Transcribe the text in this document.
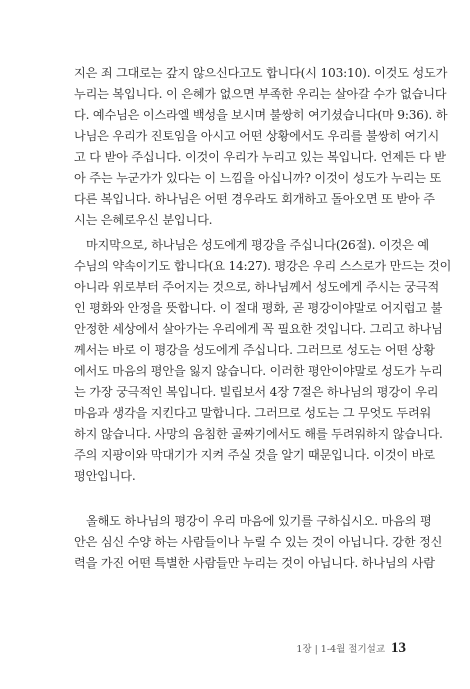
지은 죄 그대로는 갚지 않으신다고도 합니다(시 103:10). 이것도 성도가
누리는 복입니다. 이 은혜가 없으면 부족한 우리는 살아갈 수가 없습니다
다. 예수님은 이스라엘 백성을 보시며 불쌍히 여기셨습니다(마 9:36). 하
나님은 우리가 진토임을 아시고 어떤 상황에서도 우리를 불쌍히 여기시
고 다 받아 주십니다. 이것이 우리가 누리고 있는 복입니다. 언제든 다 받
아 주는 누군가가 있다는 이 느낌을 아십니까? 이것이 성도가 누리는 또
다른 복입니다. 하나님은 어떤 경우라도 회개하고 돌아오면 또 받아 주
시는 은혜로우신 분입니다.
마지막으로, 하나님은 성도에게 평강을 주십니다(26절). 이것은 예
수님의 약속이기도 합니다(요 14:27). 평강은 우리 스스로가 만드는 것이
아니라 위로부터 주어지는 것으로, 하나님께서 성도에게 주시는 궁극적
인 평화와 안정을 뜻합니다. 이 절대 평화, 곧 평강이야말로 어지럽고 불
안정한 세상에서 살아가는 우리에게 꼭 필요한 것입니다. 그리고 하나님
께서는 바로 이 평강을 성도에게 주십니다. 그러므로 성도는 어떤 상황
에서도 마음의 평안을 잃지 않습니다. 이러한 평안이야말로 성도가 누리
는 가장 궁극적인 복입니다. 빌립보서 4장 7절은 하나님의 평강이 우리
마음과 생각을 지킨다고 말합니다. 그러므로 성도는 그 무엇도 두려워
하지 않습니다. 사망의 음침한 골짜기에서도 해를 두려워하지 않습니다.
주의 지팡이와 막대기가 지켜 주실 것을 알기 때문입니다. 이것이 바로
평안입니다.
올해도 하나님의 평강이 우리 마음에 있기를 구하십시오. 마음의 평
안은 심신 수양 하는 사람들이나 누릴 수 있는 것이 아닙니다. 강한 정신
력을 가진 어떤 특별한 사람들만 누리는 것이 아닙니다. 하나님의 사람
1장 | 1-4월 절기설교 13
